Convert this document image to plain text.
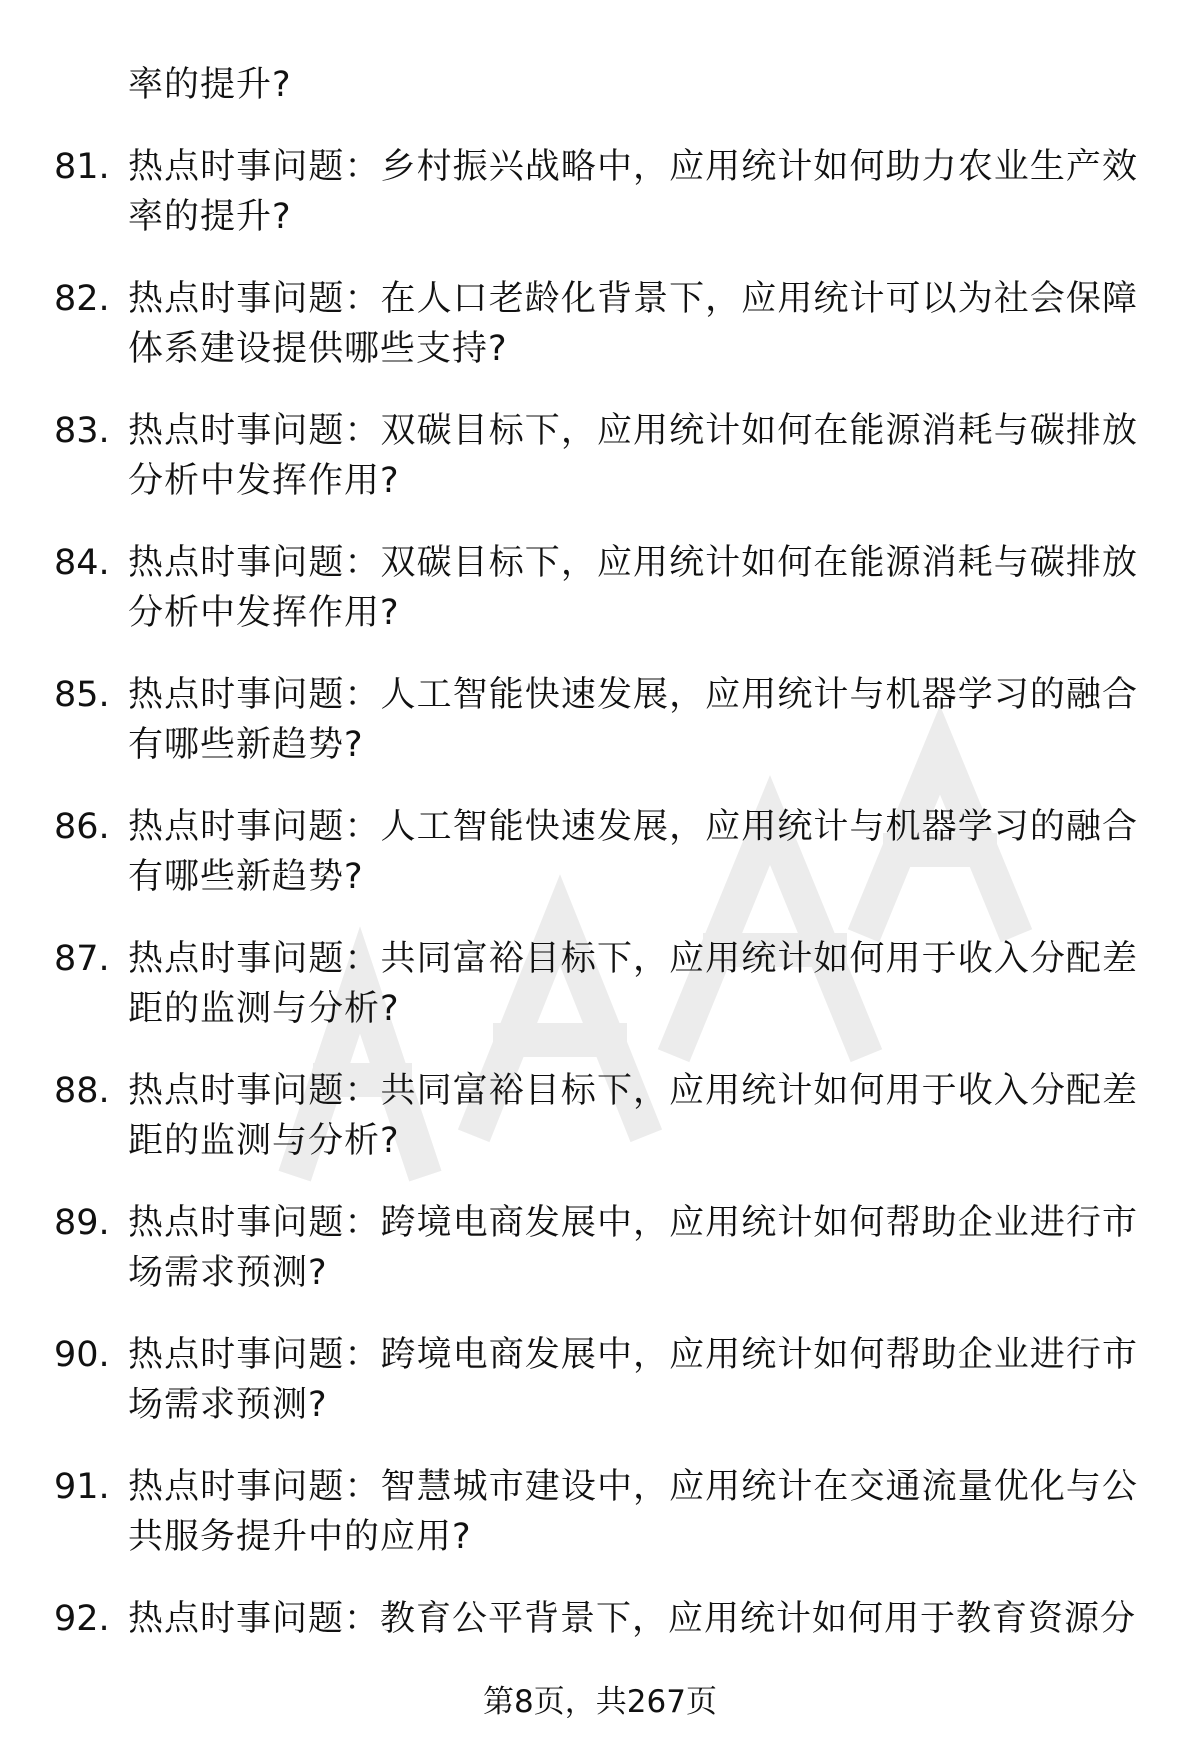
率的提升?
81. 热点时事问题：乡村振兴战略中，应用统计如何助力农业生产效率的提升?
82. 热点时事问题：在人口老龄化背景下，应用统计可以为社会保障体系建设提供哪些支持?
83. 热点时事问题：双碳目标下，应用统计如何在能源消耗与碳排放分析中发挥作用?
84. 热点时事问题：双碳目标下，应用统计如何在能源消耗与碳排放分析中发挥作用?
85. 热点时事问题：人工智能快速发展，应用统计与机器学习的融合有哪些新趋势?
86. 热点时事问题：人工智能快速发展，应用统计与机器学习的融合有哪些新趋势?
87. 热点时事问题：共同富裕目标下，应用统计如何用于收入分配差距的监测与分析?
88. 热点时事问题：共同富裕目标下，应用统计如何用于收入分配差距的监测与分析?
89. 热点时事问题：跨境电商发展中，应用统计如何帮助企业进行市场需求预测?
90. 热点时事问题：跨境电商发展中，应用统计如何帮助企业进行市场需求预测?
91. 热点时事问题：智慧城市建设中，应用统计在交通流量优化与公共服务提升中的应用?
92. 热点时事问题：教育公平背景下，应用统计如何用于教育资源分
第8页，共267页
